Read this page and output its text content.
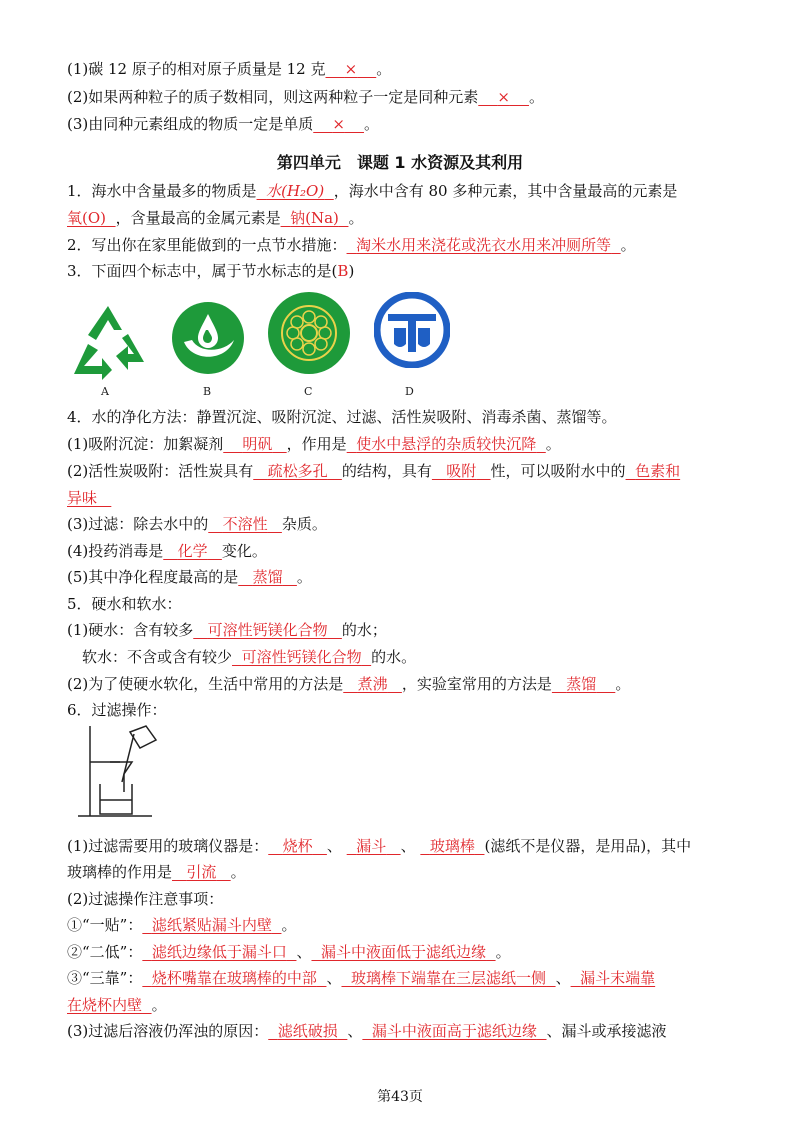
(1)碳 12 原子的相对原子质量是 12 克 × 。
(2)如果两种粒子的质子数相同，则这两种粒子一定是同种元素 × 。
(3)由同种元素组成的物质一定是单质 × 。
第四单元　课题 1 水资源及其利用
1．海水中含量最多的物质是 水(H₂O) ，海水中含有 80 多种元素，其中含量最高的元素是
氧(O) ，含量最高的金属元素是 钠(Na) 。
2．写出你在家里能做到的一点节水措施： 淘米水用来浇花或洗衣水用来冲厕所等 。
3．下面四个标志中，属于节水标志的是(B)
A	B	C	D
4．水的净化方法：静置沉淀、吸附沉淀、过滤、活性炭吸附、消毒杀菌、蒸馏等。
(1)吸附沉淀：加絮凝剂 明矾 ，作用是 使水中悬浮的杂质较快沉降 。
(2)活性炭吸附：活性炭具有 疏松多孔 的结构，具有 吸附 性，可以吸附水中的 色素和
异味
(3)过滤：除去水中的 不溶性 杂质。
(4)投药消毒是 化学 变化。
(5)其中净化程度最高的是 蒸馏 。
5．硬水和软水：
(1)硬水：含有较多 可溶性钙镁化合物 的水；
软水：不含或含有较少 可溶性钙镁化合物 的水。
(2)为了使硬水软化，生活中常用的方法是 煮沸 ，实验室常用的方法是 蒸馏 。
6．过滤操作：
(1)过滤需要用的玻璃仪器是： 烧杯 、 漏斗 、 玻璃棒 (滤纸不是仪器，是用品)，其中
玻璃棒的作用是 引流 。
(2)过滤操作注意事项：
①“一贴”： 滤纸紧贴漏斗内壁 。
②“二低”： 滤纸边缘低于漏斗口 、 漏斗中液面低于滤纸边缘 。
③“三靠”： 烧杯嘴靠在玻璃棒的中部 、 玻璃棒下端靠在三层滤纸一侧 、 漏斗末端靠
在烧杯内壁 。
(3)过滤后溶液仍浑浊的原因： 滤纸破损 、 漏斗中液面高于滤纸边缘 、漏斗或承接滤液
第43页
